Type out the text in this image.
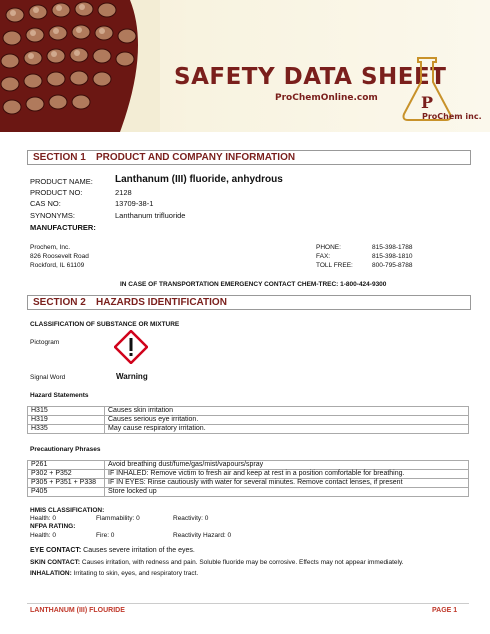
SAFETY DATA SHEET
ProChemOnline.com	P
ProChem inc.
SECTION 1 PRODUCT AND COMPANY INFORMATION
PRODUCT NAME: Lanthanum (III) fluoride, anhydrous
PRODUCT NO:	2128
CAS NO:	13709-38-1
SYNONYMS:	Lanthanum trifluoride
MANUFACTURER:
Prochem, Inc.
826 Roosevelt Road
Rockford, IL 61109
PHONE:	815-398-1788
FAX:	815-398-1810
TOLL FREE:	800-795-8788
IN CASE OF TRANSPORTATION EMERGENCY CONTACT CHEM-TREC: 1-800-424-9300
SECTION 2 HAZARDS IDENTIFICATION
CLASSIFICATION OF SUBSTANCE OR MIXTURE
Pictogram
Signal Word	Warning
Hazard Statements
H315	Causes skin irritation
H319	Causes serious eye irritation.
H335	May cause respiratory irritation.
Precautionary Phrases
P261	Avoid breathing dust/fume/gas/mist/vapours/spray
P302 + P352	IF INHALED: Remove victim to fresh air and keep at rest in a position comfortable for breathing.
P305 + P351 + P338	IF IN EYES: Rinse cautiously with water for several minutes. Remove contact lenses, if present
P405	Store locked up
HMIS CLASSIFICATION:
Health: 0	Flammability: 0	Reactivity: 0
NFPA RATING:
Health: 0	Fire: 0	Reactivity Hazard: 0
EYE CONTACT: Causes severe irritation of the eyes.
SKIN CONTACT: Causes irritation, with redness and pain. Soluble fluoride may be corrosive. Effects may not appear immediately.
INHALATION: Irritating to skin, eyes, and respiratory tract.
LANTHANUM (III) FLOURIDE	PAGE 1
